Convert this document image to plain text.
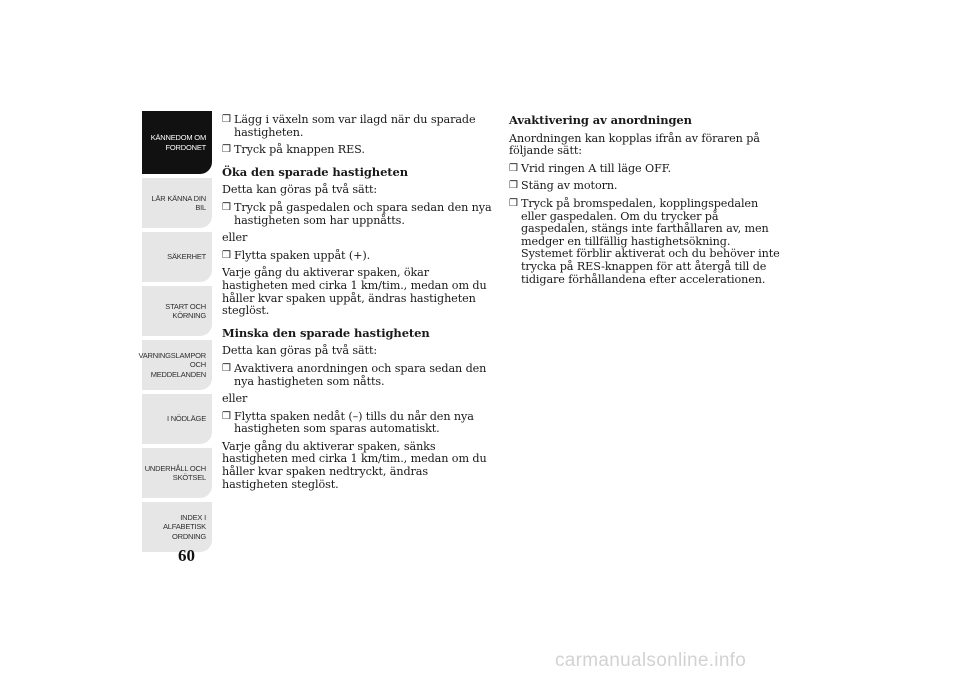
KÄNNEDOM OM
FORDONET
LÄR KÄNNA DIN
BIL
SÄKERHET
START OCH
KÖRNING
VARNINGSLAMPOR
OCH
MEDDELANDEN
I NÖDLÄGE
UNDERHÅLL OCH
SKÖTSEL
INDEX I
ALFABETISK
ORDNING
60
❒ Lägg i växeln som var ilagd när du sparade hastigheten.
❒ Tryck på knappen RES.
Öka den sparade hastigheten

Detta kan göras på två sätt:

❒ Tryck på gaspedalen och spara sedan den nya hastigheten som har uppnåtts.

eller

❒ Flytta spaken uppåt (+).

Varje gång du aktiverar spaken, ökar hastigheten med cirka 1 km/tim., medan om du håller kvar spaken uppåt, ändras hastigheten steglöst.

Minska den sparade hastigheten

Detta kan göras på två sätt:

❒ Avaktivera anordningen och spara sedan den nya hastigheten som nåtts.

eller

❒ Flytta spaken nedåt (–) tills du når den nya hastigheten som sparas automatiskt.

Varje gång du aktiverar spaken, sänks hastigheten med cirka 1 km/tim., medan om du håller kvar spaken nedtryckt, ändras hastigheten steglöst.

Avaktivering av anordningen

Anordningen kan kopplas ifrån av föraren på följande sätt:

❒ Vrid ringen A till läge OFF.
❒ Stäng av motorn.
❒ Tryck på bromspedalen, kopplingspedalen eller gaspedalen. Om du trycker på gaspedalen, stängs inte farthållaren av, men medger en tillfällig hastighetsökning. Systemet förblir aktiverat och du behöver inte trycka på RES-knappen för att återgå till de tidigare förhållandena efter accelerationen.
carmanualsonline.info
